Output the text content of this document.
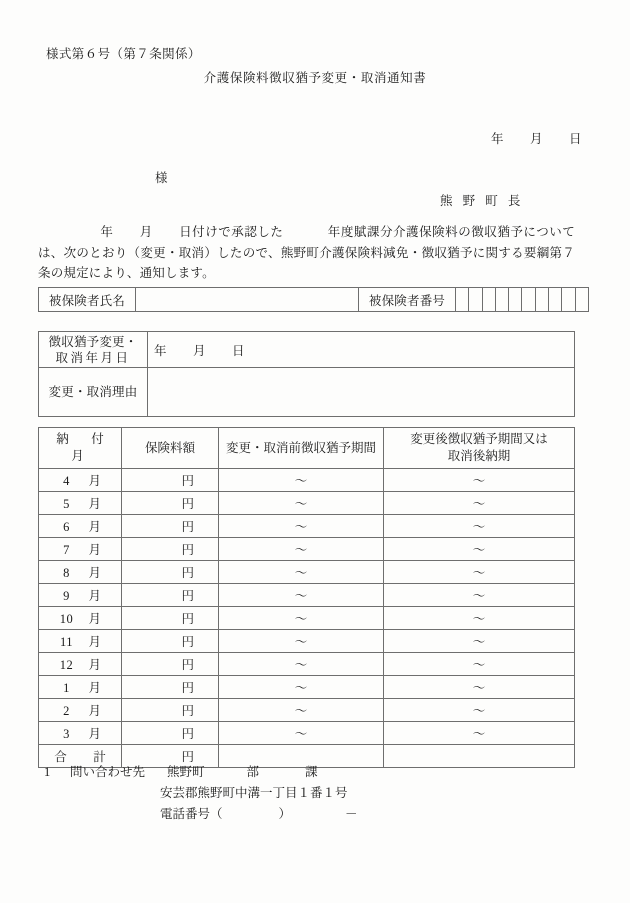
様式第６号（第７条関係）
介護保険料徴収猶予変更・取消通知書
年 月 日
様
熊 野 町 長
年 月 日付けで承認した	年度賦課分介護保険料の徴収猶予については、次のとおり（変更・取消）したので、熊野町介護保険料減免・徴収猶予に関する要綱第７条の規定により、通知します。
被保険者氏名		被保険者番号										
徴収猶予変更・
取消年月日	年 月 日
変更・取消理由	
納　付　月	保険料額	変更・取消前徴収猶予期間	変更後徴収猶予期間又は
取消後納期

4 月	円	～	～
5 月	円	～	～
6 月	円	～	～
7 月	円	～	～
8 月	円	～	～
9 月	円	～	～
10 月	円	～	～
11 月	円	～	～
12 月	円	～	～
1 月	円	～	～
2 月	円	～	～
3 月	円	～	～
合　計	円		
1 問い合わせ先 熊野町	部	課
安芸郡熊野町中溝一丁目１番１号
電話番号（	）	－
